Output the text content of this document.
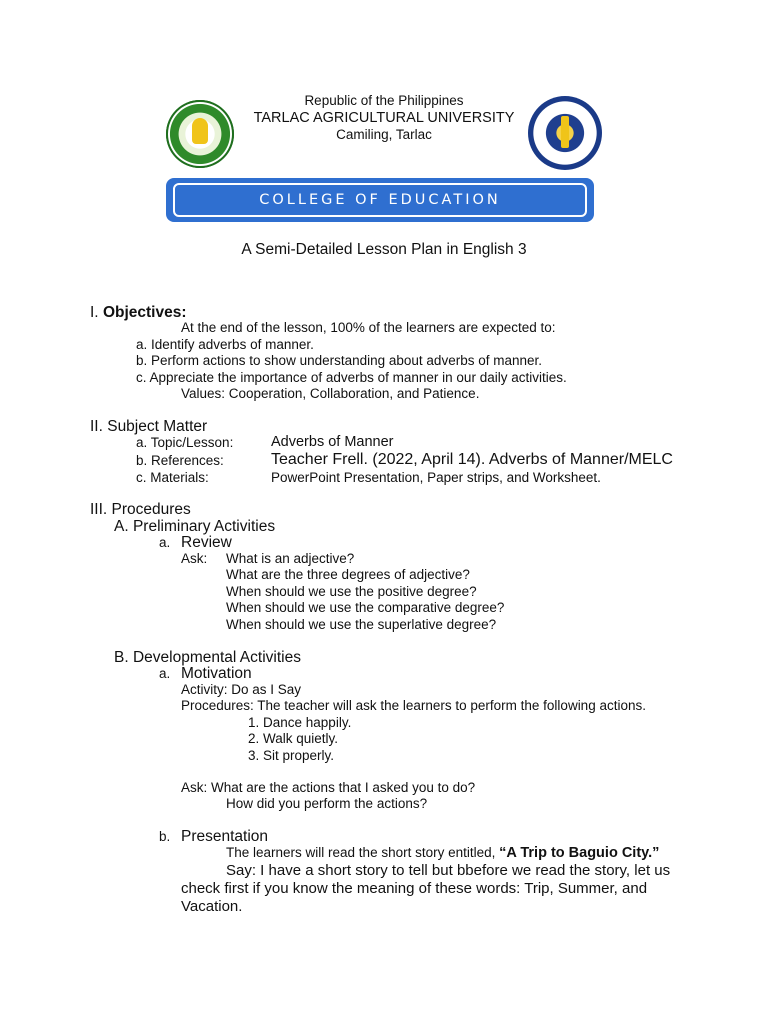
Republic of the Philippines
TARLAC AGRICULTURAL UNIVERSITY
Camiling, Tarlac
COLLEGE OF EDUCATION
A Semi-Detailed Lesson Plan in English 3
I. Objectives:
At the end of the lesson, 100% of the learners are expected to:
a. Identify adverbs of manner.
b. Perform actions to show understanding about adverbs of manner.
c. Appreciate the importance of adverbs of manner in our daily activities.
Values: Cooperation, Collaboration, and Patience.
II. Subject Matter
a. Topic/Lesson:	Adverbs of Manner
b. References:	Teacher Frell. (2022, April 14). Adverbs of Manner/MELC
c. Materials:	PowerPoint Presentation, Paper strips, and Worksheet.
III. Procedures
A. Preliminary Activities
a. Review
Ask: What is an adjective?
What are the three degrees of adjective?
When should we use the positive degree?
When should we use the comparative degree?
When should we use the superlative degree?
B. Developmental Activities
a. Motivation
Activity: Do as I Say
Procedures: The teacher will ask the learners to perform the following actions.
1. Dance happily.
2. Walk quietly.
3. Sit properly.
Ask: What are the actions that I asked you to do?
How did you perform the actions?
b. Presentation
The learners will read the short story entitled, “A Trip to Baguio City.”
Say: I have a short story to tell but bbefore we read the story, let us
check first if you know the meaning of these words: Trip, Summer, and
Vacation.
